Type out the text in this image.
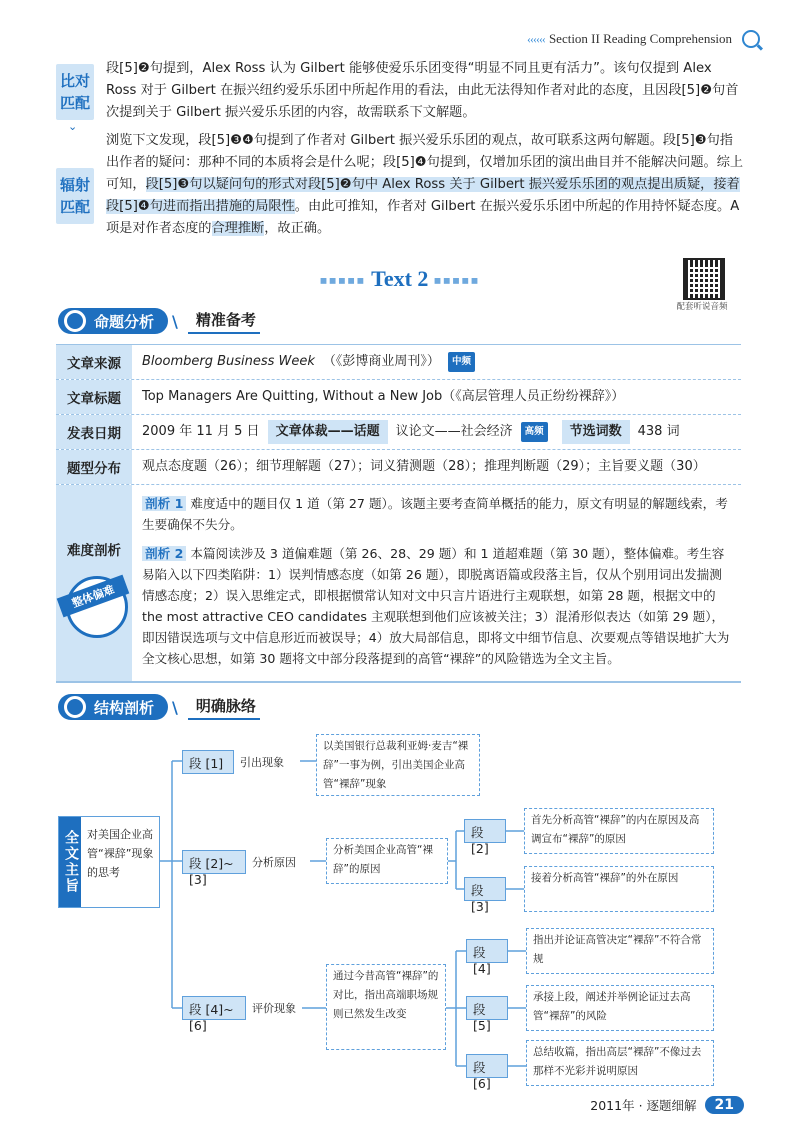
‹‹‹‹‹‹ Section II Reading Comprehension
比对匹配
⌄
段[5]❷句提到，Alex Ross 认为 Gilbert 能够使爱乐乐团变得“明显不同且更有活力”。该句仅提到 Alex Ross 对于 Gilbert 在振兴纽约爱乐乐团中所起作用的看法，由此无法得知作者对此的态度，且因段[5]❷句首次提到关于 Gilbert 振兴爱乐乐团的内容，故需联系下文解题。
辐射匹配
浏览下文发现，段[5]❸❹句提到了作者对 Gilbert 振兴爱乐乐团的观点，故可联系这两句解题。段[5]❸句指出作者的疑问：那种不同的本质将会是什么呢；段[5]❹句提到，仅增加乐团的演出曲目并不能解决问题。综上可知，段[5]❸句以疑问句的形式对段[5]❷句中 Alex Ross 关于 Gilbert 振兴爱乐乐团的观点提出质疑，接着段[5]❹句进而指出措施的局限性。由此可推知，作者对 Gilbert 在振兴爱乐乐团中所起的作用持怀疑态度。A 项是对作者态度的合理推断，故正确。
■■■■■ Text 2 ■■■■■
配套听说音频
命题分析 \	精准备考
文章来源	Bloomberg Business Week （《彭博商业周刊》）	中频
文章标题	Top Managers Are Quitting, Without a New Job（《高层管理人员正纷纷裸辞》）
发表日期	2009 年 11 月 5 日	文章体裁——话题	议论文——社会经济	高频	节选词数	438 词
题型分布	观点态度题（26）；细节理解题（27）；词义猜测题（28）；推理判断题（29）；主旨要义题（30）
难度剖析
剖析 1 难度适中的题目仅 1 道（第 27 题）。该题主要考查简单概括的能力，原文有明显的解题线索，考生要确保不失分。
剖析 2 本篇阅读涉及 3 道偏难题（第 26、28、29 题）和 1 道超难题（第 30 题），整体偏难。考生容易陷入以下四类陷阱：1）误判情感态度（如第 26 题），即脱离语篇或段落主旨，仅从个别用词出发揣测情感态度；2）误入思维定式，即根据惯常认知对文中只言片语进行主观联想，如第 28 题，根据文中的 the most attractive CEO candidates 主观联想到他们应该被关注；3）混淆形似表达（如第 29 题），即因错误选项与文中信息形近而被误导；4）放大局部信息，即将文中细节信息、次要观点等错误地扩大为全文核心思想，如第 30 题将文中部分段落提到的高管“裸辞”的风险错选为全文主旨。
整体偏难
结构剖析 \	明确脉络
全文主旨 对美国企业高管“裸辞”现象的思考
段 [1]	引出现象
以美国银行总裁利亚姆·麦吉“裸辞”一事为例，引出美国企业高管“裸辞”现象
段 [2]~[3]
分析原因
分析美国企业高管“裸辞”的原因
段 [2]
首先分析高管“裸辞”的内在原因及高调宣布“裸辞”的原因
段 [3]
接着分析高管“裸辞”的外在原因
段 [4]~[6]
评价现象
通过今昔高管“裸辞”的对比，指出高端职场规则已然发生改变
段 [4]
指出并论证高管决定“裸辞”不符合常规
段 [5]
承接上段，阐述并举例论证过去高管“裸辞”的风险
段 [6]
总结收篇，指出高层“裸辞”不像过去那样不光彩并说明原因
2011年 · 逐题细解	21
